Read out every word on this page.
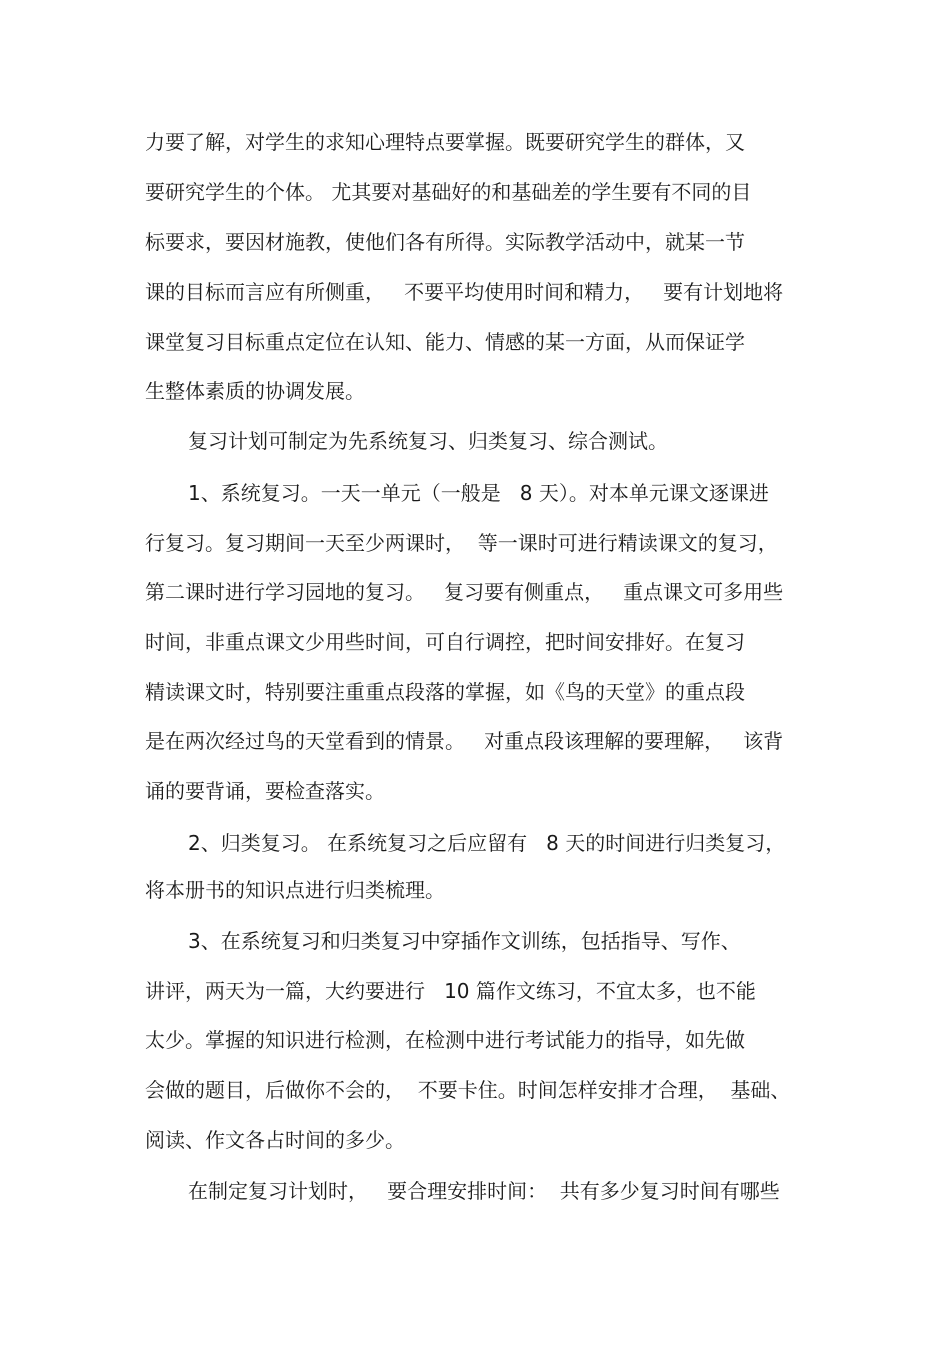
力要了解，对学生的求知心理特点要掌握。既要研究学生的群体，又
要研究学生的个体。 尤其要对基础好的和基础差的学生要有不同的目
标要求，要因材施教，使他们各有所得。实际教学活动中，就某一节
课的目标而言应有所侧重，   不要平均使用时间和精力，   要有计划地将
课堂复习目标重点定位在认知、能力、情感的某一方面，从而保证学
生整体素质的协调发展。
复习计划可制定为先系统复习、归类复习、综合测试。
1、系统复习。一天一单元（一般是   8 天）。对本单元课文逐课进
行复习。复习期间一天至少两课时，  等一课时可进行精读课文的复习，
第二课时进行学习园地的复习。   复习要有侧重点，   重点课文可多用些
时间，非重点课文少用些时间，可自行调控，把时间安排好。在复习
精读课文时，特别要注重重点段落的掌握，如《鸟的天堂》的重点段
是在两次经过鸟的天堂看到的情景。   对重点段该理解的要理解，   该背
诵的要背诵，要检查落实。
2、归类复习。 在系统复习之后应留有   8 天的时间进行归类复习，
将本册书的知识点进行归类梳理。
3、在系统复习和归类复习中穿插作文训练，包括指导、写作、
讲评，两天为一篇，大约要进行   10 篇作文练习，不宜太多，也不能
太少。掌握的知识进行检测，在检测中进行考试能力的指导，如先做
会做的题目，后做你不会的，  不要卡住。时间怎样安排才合理，  基础、
阅读、作文各占时间的多少。
在制定复习计划时，   要合理安排时间：  共有多少复习时间有哪些
